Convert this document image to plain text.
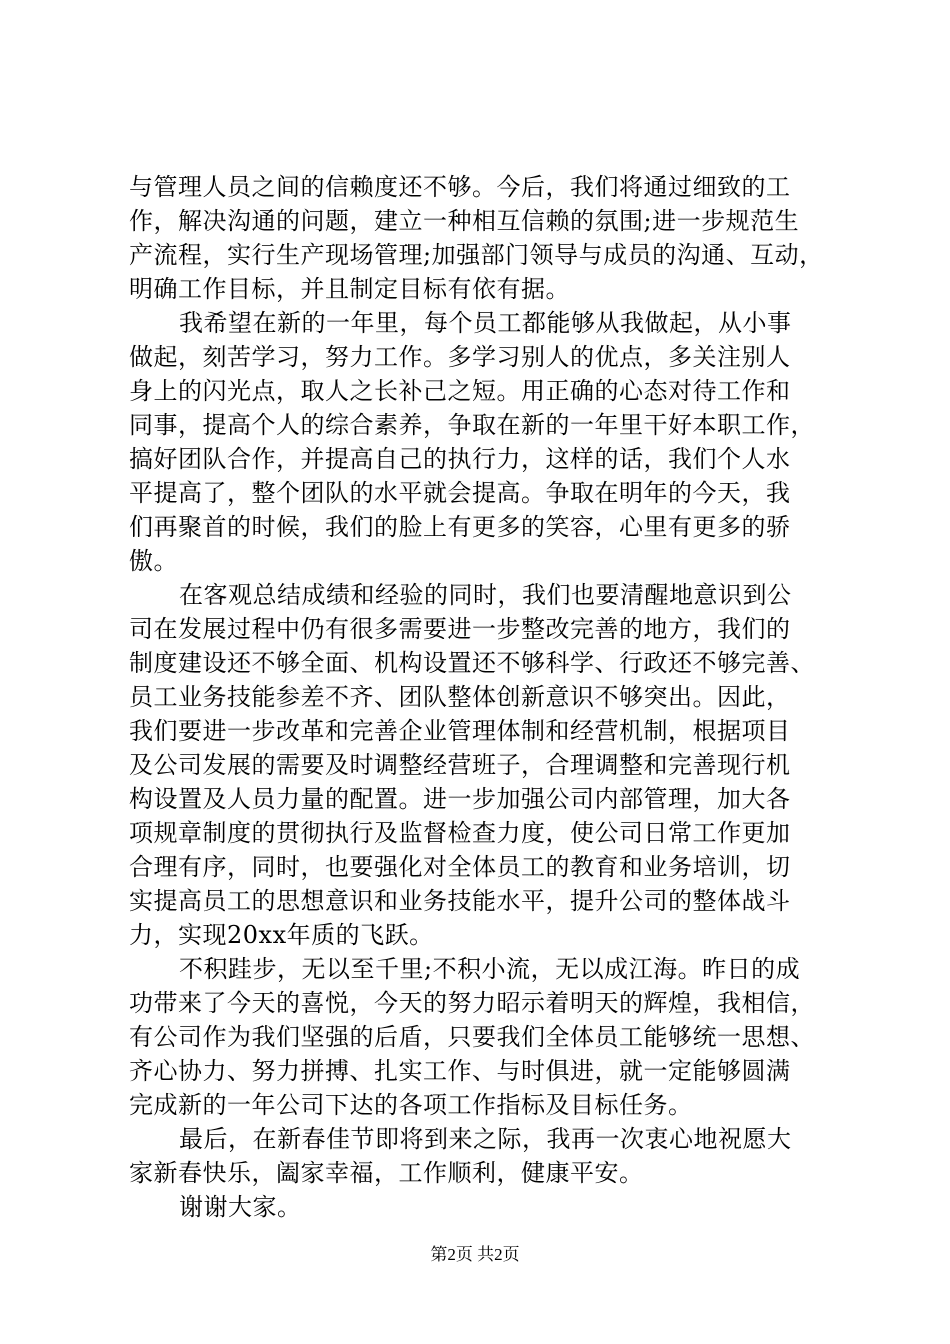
与管理人员之间的信赖度还不够。今后，我们将通过细致的工
作，解决沟通的问题，建立一种相互信赖的氛围;进一步规范生
产流程，实行生产现场管理;加强部门领导与成员的沟通、互动，
明确工作目标，并且制定目标有依有据。
我希望在新的一年里，每个员工都能够从我做起，从小事
做起，刻苦学习，努力工作。多学习别人的优点，多关注别人
身上的闪光点，取人之长补己之短。用正确的心态对待工作和
同事，提高个人的综合素养，争取在新的一年里干好本职工作，
搞好团队合作，并提高自己的执行力，这样的话，我们个人水
平提高了，整个团队的水平就会提高。争取在明年的今天，我
们再聚首的时候，我们的脸上有更多的笑容，心里有更多的骄
傲。
在客观总结成绩和经验的同时，我们也要清醒地意识到公
司在发展过程中仍有很多需要进一步整改完善的地方，我们的
制度建设还不够全面、机构设置还不够科学、行政还不够完善、
员工业务技能参差不齐、团队整体创新意识不够突出。因此，
我们要进一步改革和完善企业管理体制和经营机制，根据项目
及公司发展的需要及时调整经营班子，合理调整和完善现行机
构设置及人员力量的配置。进一步加强公司内部管理，加大各
项规章制度的贯彻执行及监督检查力度，使公司日常工作更加
合理有序，同时，也要强化对全体员工的教育和业务培训，切
实提高员工的思想意识和业务技能水平，提升公司的整体战斗
力，实现20xx年质的飞跃。
不积跬步，无以至千里;不积小流，无以成江海。昨日的成
功带来了今天的喜悦，今天的努力昭示着明天的辉煌，我相信，
有公司作为我们坚强的后盾，只要我们全体员工能够统一思想、
齐心协力、努力拼搏、扎实工作、与时俱进，就一定能够圆满
完成新的一年公司下达的各项工作指标及目标任务。
最后，在新春佳节即将到来之际，我再一次衷心地祝愿大
家新春快乐，阖家幸福，工作顺利，健康平安。
谢谢大家。
第2页 共2页
